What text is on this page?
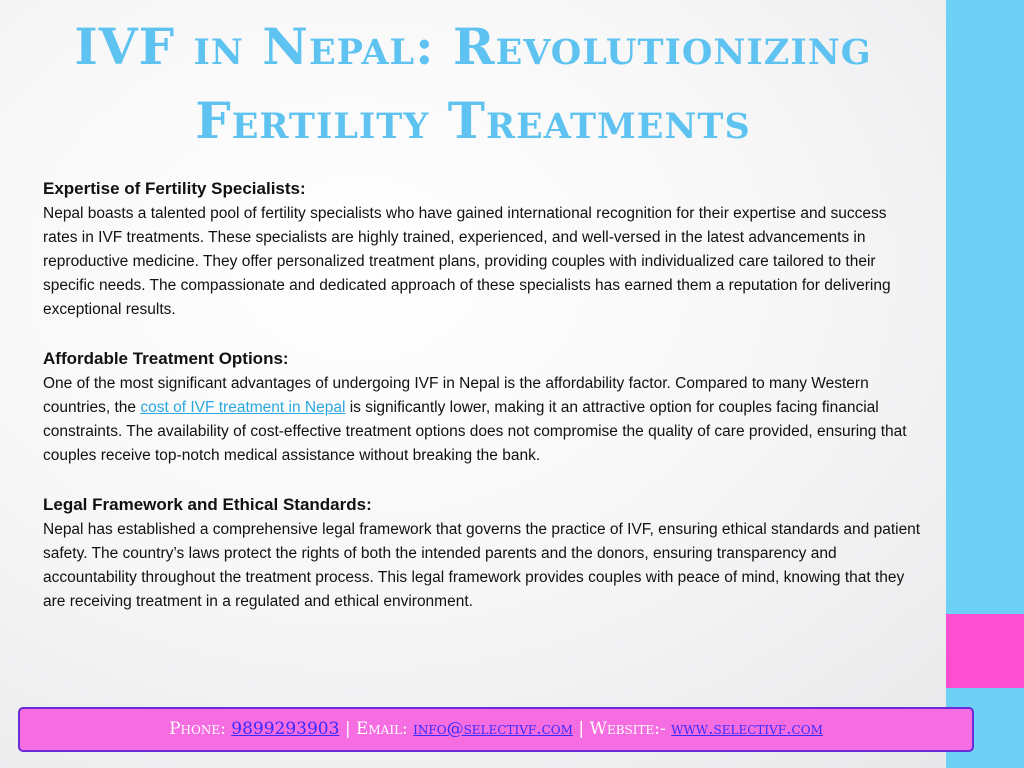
IVF in Nepal: Revolutionizing
Fertility Treatments
Expertise of Fertility Specialists:

Nepal boasts a talented pool of fertility specialists who have gained international recognition for their expertise and success rates in IVF treatments. These specialists are highly trained, experienced, and well-versed in the latest advancements in reproductive medicine. They offer personalized treatment plans, providing couples with individualized care tailored to their specific needs. The compassionate and dedicated approach of these specialists has earned them a reputation for delivering exceptional results.

Affordable Treatment Options:

One of the most significant advantages of undergoing IVF in Nepal is the affordability factor. Compared to many Western countries, the cost of IVF treatment in Nepal is significantly lower, making it an attractive option for couples facing financial constraints. The availability of cost-effective treatment options does not compromise the quality of care provided, ensuring that couples receive top-notch medical assistance without breaking the bank.

Legal Framework and Ethical Standards:

Nepal has established a comprehensive legal framework that governs the practice of IVF, ensuring ethical standards and patient safety. The country’s laws protect the rights of both the intended parents and the donors, ensuring transparency and accountability throughout the treatment process. This legal framework provides couples with peace of mind, knowing that they are receiving treatment in a regulated and ethical environment.

Phone: 9899293903 | Email: info@selectivf.com | Website:- www.selectivf.com
